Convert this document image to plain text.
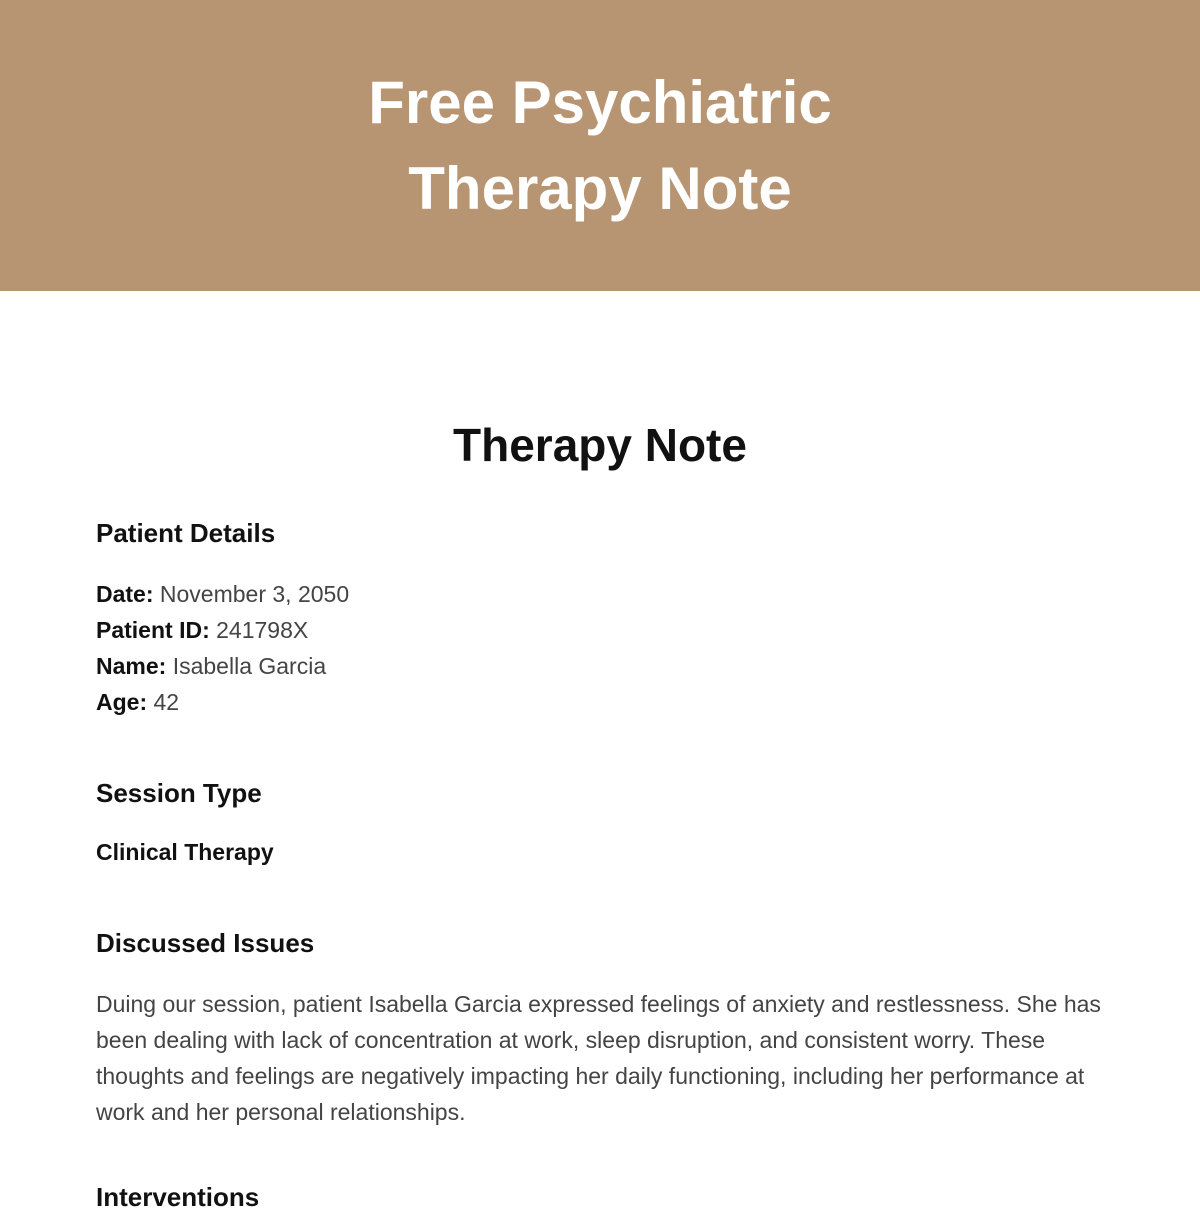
Free Psychiatric Therapy Note
Therapy Note
Patient Details
Date: November 3, 2050
Patient ID: 241798X
Name: Isabella Garcia
Age: 42
Session Type
Clinical Therapy
Discussed Issues

Duing our session, patient Isabella Garcia expressed feelings of anxiety and restlessness. She has been dealing with lack of concentration at work, sleep disruption, and consistent worry. These thoughts and feelings are negatively impacting her daily functioning, including her performance at work and her personal relationships.

Interventions
